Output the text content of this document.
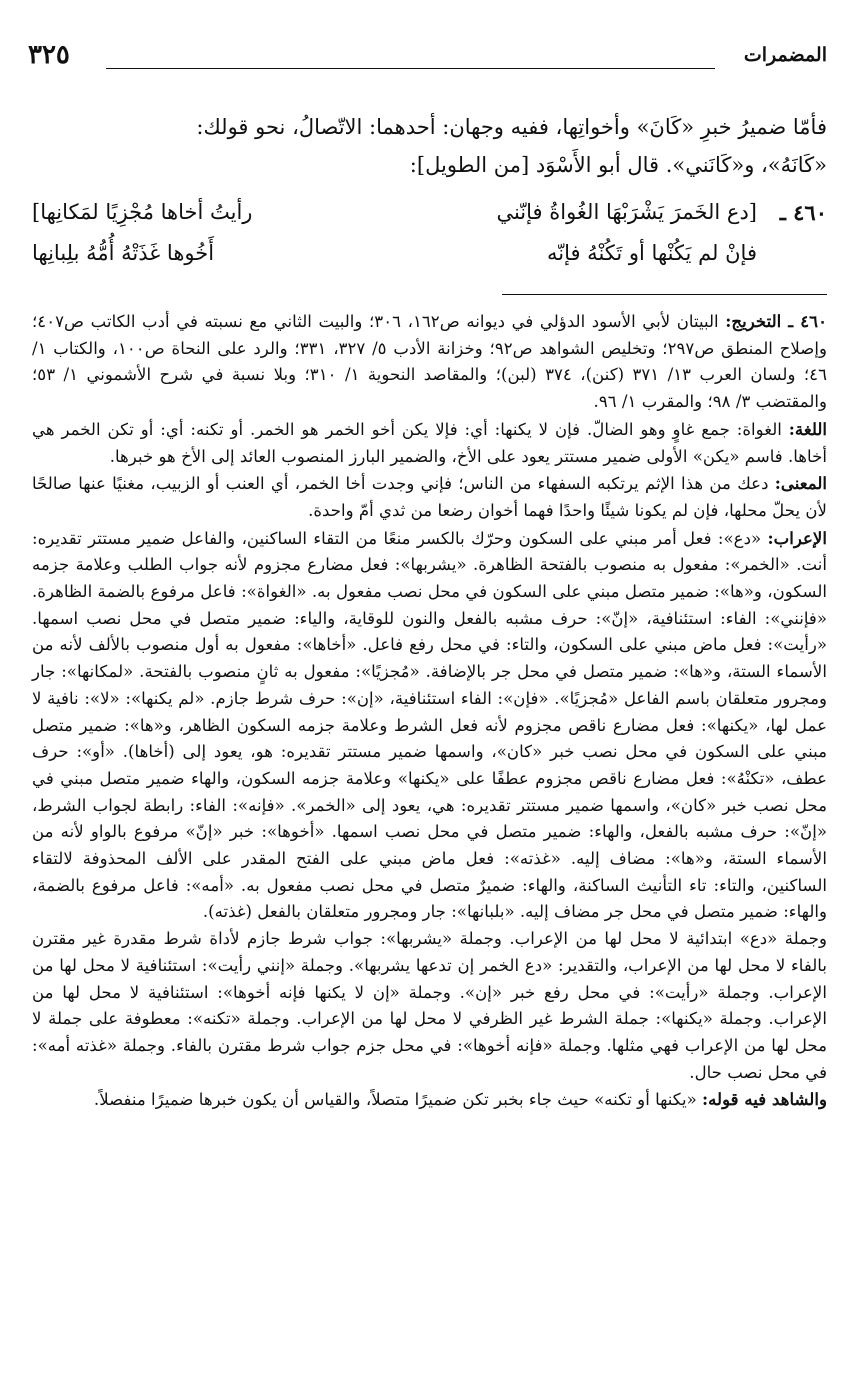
المضمرات
٣٢٥

فأمّا ضميرُ خبرِ «كَانَ» وأخواتِها، ففيه وجهان: أحدهما: الاتّصالُ، نحو قولك:

«كَانَهُ»، و«كَانَني». قال أبو الأَسْوَد [من الطويل]:

٤٦٠ ـ
[دع الخَمرَ يَشْرَبْهَا الغُواةُ فإنّني
رأيتُ أخاها مُجْزِيًا لمَكانِها]
فإنْ لم يَكُنْها أو تَكُنْهُ فإنّه
أَخُوها غَذَتْهُ أُمُّهُ بلِبانِها

٤٦٠ ـ التخريج: البيتان لأبي الأسود الدؤلي في ديوانه ص١٦٢، ٣٠٦؛ والبيت الثاني مع نسبته في أدب الكاتب ص٤٠٧؛ وإصلاح المنطق ص٢٩٧؛ وتخليص الشواهد ص٩٢؛ وخزانة الأدب ٥/ ٣٢٧، ٣٣١؛ والرد على النحاة ص١٠٠، والكتاب ١/ ٤٦؛ ولسان العرب ١٣/ ٣٧١ (كنن)، ٣٧٤ (لبن)؛ والمقاصد النحوية ١/ ٣١٠؛ وبلا نسبة في شرح الأشموني ١/ ٥٣؛ والمقتضب ٣/ ٩٨؛ والمقرب ١/ ٩٦.

اللغة: الغواة: جمع غاوٍ وهو الضالّ. فإن لا يكنها: أي: فإلا يكن أخو الخمر هو الخمر. أو تكنه: أي: أو تكن الخمر هي أخاها. فاسم «يكن» الأولى ضمير مستتر يعود على الأخ، والضمير البارز المنصوب العائد إلى الأخ هو خبرها.

المعنى: دعك من هذا الإثم يرتكبه السفهاء من الناس؛ فإني وجدت أخا الخمر، أي العنب أو الزبيب، مغنيًا عنها صالحًا لأن يحلّ محلها، فإن لم يكونا شيئًا واحدًا فهما أخوان رضعا من ثدي أمّ واحدة.

الإعراب: «دع»: فعل أمر مبني على السكون وحرّك بالكسر منعًا من التقاء الساكنين، والفاعل ضمير مستتر تقديره: أنت. «الخمر»: مفعول به منصوب بالفتحة الظاهرة. «يشربها»: فعل مضارع مجزوم لأنه جواب الطلب وعلامة جزمه السكون، و«ها»: ضمير متصل مبني على السكون في محل نصب مفعول به. «الغواة»: فاعل مرفوع بالضمة الظاهرة. «فإنني»: الفاء: استئنافية، «إنّ»: حرف مشبه بالفعل والنون للوقاية، والياء: ضمير متصل في محل نصب اسمها. «رأيت»: فعل ماض مبني على السكون، والتاء: في محل رفع فاعل. «أخاها»: مفعول به أول منصوب بالألف لأنه من الأسماء الستة، و«ها»: ضمير متصل في محل جر بالإضافة. «مُجزيًا»: مفعول به ثانٍ منصوب بالفتحة. «لمكانها»: جار ومجرور متعلقان باسم الفاعل «مُجزيًا». «فإن»: الفاء استئنافية، «إن»: حرف شرط جازم. «لم يكنها»: «لا»: نافية لا عمل لها، «يكنها»: فعل مضارع ناقص مجزوم لأنه فعل الشرط وعلامة جزمه السكون الظاهر، و«ها»: ضمير متصل مبني على السكون في محل نصب خبر «كان»، واسمها ضمير مستتر تقديره: هو، يعود إلى (أخاها). «أو»: حرف عطف، «تكنْهُ»: فعل مضارع ناقص مجزوم عطفًا على «يكنها» وعلامة جزمه السكون، والهاء ضمير متصل مبني في محل نصب خبر «كان»، واسمها ضمير مستتر تقديره: هي، يعود إلى «الخمر». «فإنه»: الفاء: رابطة لجواب الشرط، «إنّ»: حرف مشبه بالفعل، والهاء: ضمير متصل في محل نصب اسمها. «أخوها»: خبر «إنّ» مرفوع بالواو لأنه من الأسماء الستة، و«ها»: مضاف إليه. «غذته»: فعل ماض مبني على الفتح المقدر على الألف المحذوفة لالتقاء الساكنين، والتاء: تاء التأنيث الساكنة، والهاء: ضميرٌ متصل في محل نصب مفعول به. «أمه»: فاعل مرفوع بالضمة، والهاء: ضمير متصل في محل جر مضاف إليه. «بلبانها»: جار ومجرور متعلقان بالفعل (غذته).

وجملة «دع» ابتدائية لا محل لها من الإعراب. وجملة «يشربها»: جواب شرط جازم لأداة شرط مقدرة غير مقترن بالفاء لا محل لها من الإعراب، والتقدير: «دع الخمر إن تدعها يشربها». وجملة «إنني رأيت»: استئنافية لا محل لها من الإعراب. وجملة «رأيت»: في محل رفع خبر «إن». وجملة «إن لا يكنها فإنه أخوها»: استئنافية لا محل لها من الإعراب. وجملة «يكنها»: جملة الشرط غير الظرفي لا محل لها من الإعراب. وجملة «تكنه»: معطوفة على جملة لا محل لها من الإعراب فهي مثلها. وجملة «فإنه أخوها»: في محل جزم جواب شرط مقترن بالفاء. وجملة «غذته أمه»: في محل نصب حال.

والشاهد فيه قوله: «يكنها أو تكنه» حيث جاء بخبر تكن ضميرًا متصلاً، والقياس أن يكون خبرها ضميرًا منفصلاً.
